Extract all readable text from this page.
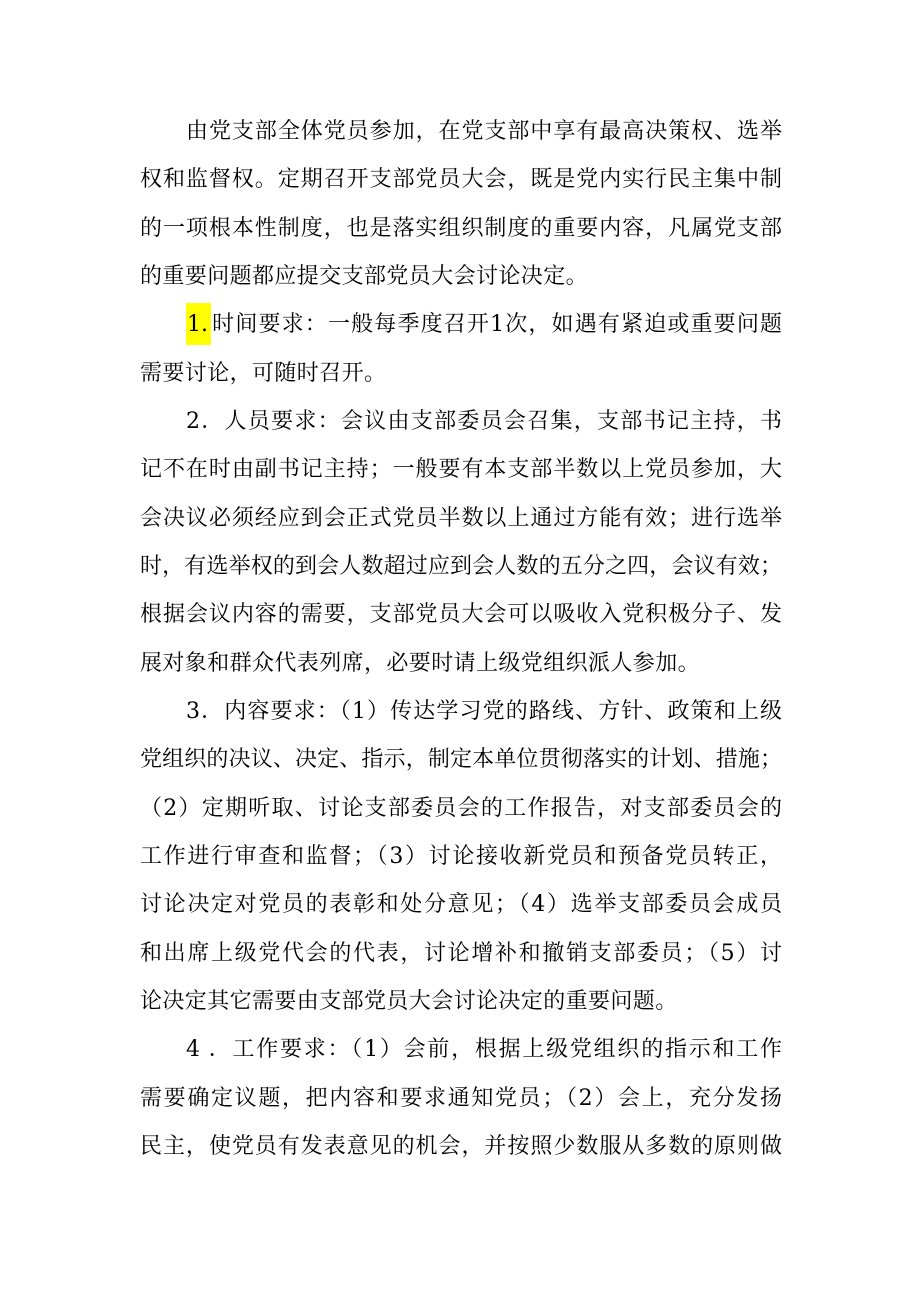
由党支部全体党员参加，在党支部中享有最高决策权、选举
权和监督权。定期召开支部党员大会，既是党内实行民主集中制
的一项根本性制度，也是落实组织制度的重要内容，凡属党支部
的重要问题都应提交支部党员大会讨论决定。
1. 时间要求：一般每季度召开1次，如遇有紧迫或重要问题
需要讨论，可随时召开。
2．人员要求：会议由支部委员会召集，支部书记主持，书
记不在时由副书记主持；一般要有本支部半数以上党员参加，大
会决议必须经应到会正式党员半数以上通过方能有效；进行选举
时，有选举权的到会人数超过应到会人数的五分之四，会议有效；
根据会议内容的需要，支部党员大会可以吸收入党积极分子、发
展对象和群众代表列席，必要时请上级党组织派人参加。
3．内容要求：（1）传达学习党的路线、方针、政策和上级
党组织的决议、决定、指示，制定本单位贯彻落实的计划、措施；
（2）定期听取、讨论支部委员会的工作报告，对支部委员会的
工作进行审查和监督；（3）讨论接收新党员和预备党员转正，
讨论决定对党员的表彰和处分意见；（4）选举支部委员会成员
和出席上级党代会的代表，讨论增补和撤销支部委员；（5）讨
论决定其它需要由支部党员大会讨论决定的重要问题。
4 ．工作要求：（1）会前，根据上级党组织的指示和工作
需要确定议题，把内容和要求通知党员；（2）会上，充分发扬
民主，使党员有发表意见的机会，并按照少数服从多数的原则做
